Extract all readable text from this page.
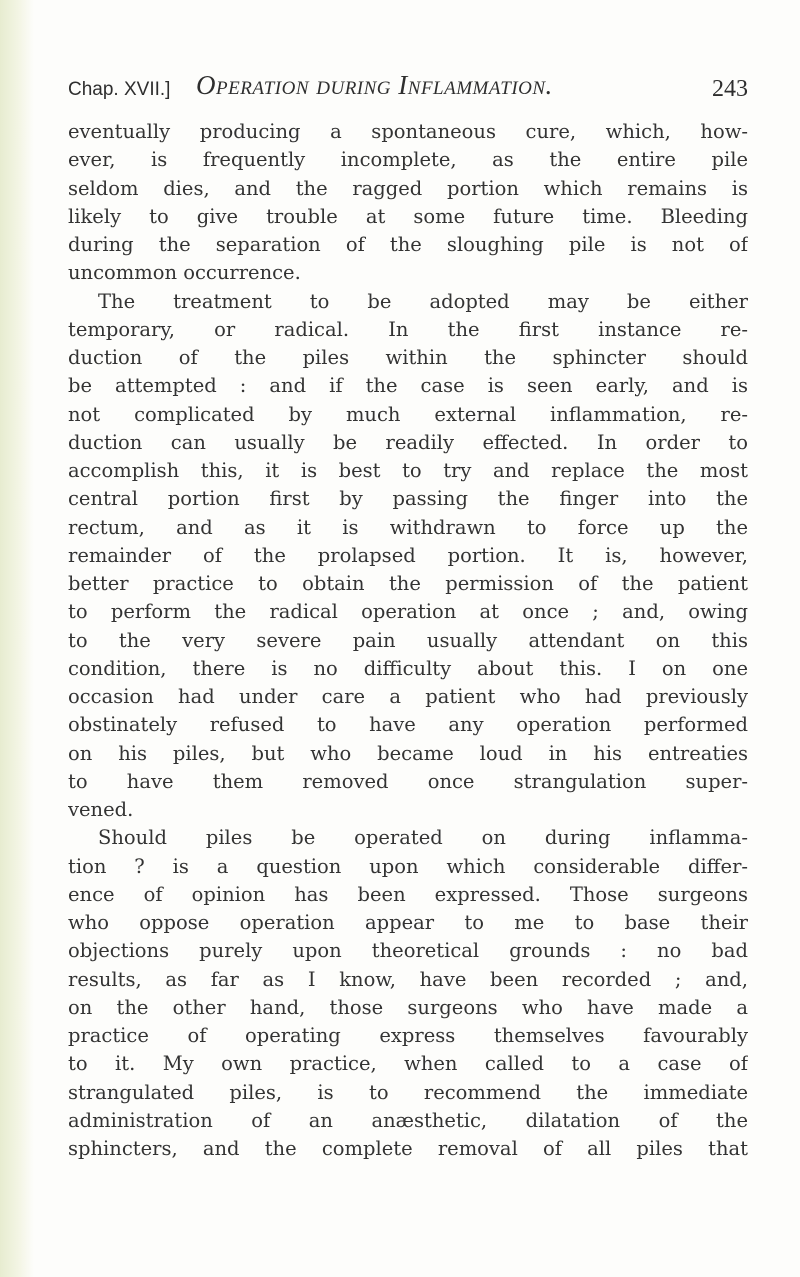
Chap. XVII.] Operation during Inflammation.	243
eventually producing a spontaneous cure, which, how-
ever, is frequently incomplete, as the entire pile
seldom dies, and the ragged portion which remains is
likely to give trouble at some future time. Bleeding
during the separation of the sloughing pile is not of
uncommon occurrence.
The treatment to be adopted may be either
temporary, or radical. In the first instance re-
duction of the piles within the sphincter should
be attempted : and if the case is seen early, and is
not complicated by much external inflammation, re-
duction can usually be readily effected. In order to
accomplish this, it is best to try and replace the most
central portion first by passing the finger into the
rectum, and as it is withdrawn to force up the
remainder of the prolapsed portion. It is, however,
better practice to obtain the permission of the patient
to perform the radical operation at once ; and, owing
to the very severe pain usually attendant on this
condition, there is no difficulty about this. I on one
occasion had under care a patient who had previously
obstinately refused to have any operation performed
on his piles, but who became loud in his entreaties
to have them removed once strangulation super-
vened.
Should piles be operated on during inflamma-
tion ? is a question upon which considerable differ-
ence of opinion has been expressed. Those surgeons
who oppose operation appear to me to base their
objections purely upon theoretical grounds : no bad
results, as far as I know, have been recorded ; and,
on the other hand, those surgeons who have made a
practice of operating express themselves favourably
to it. My own practice, when called to a case of
strangulated piles, is to recommend the immediate
administration of an anæsthetic, dilatation of the
sphincters, and the complete removal of all piles that
